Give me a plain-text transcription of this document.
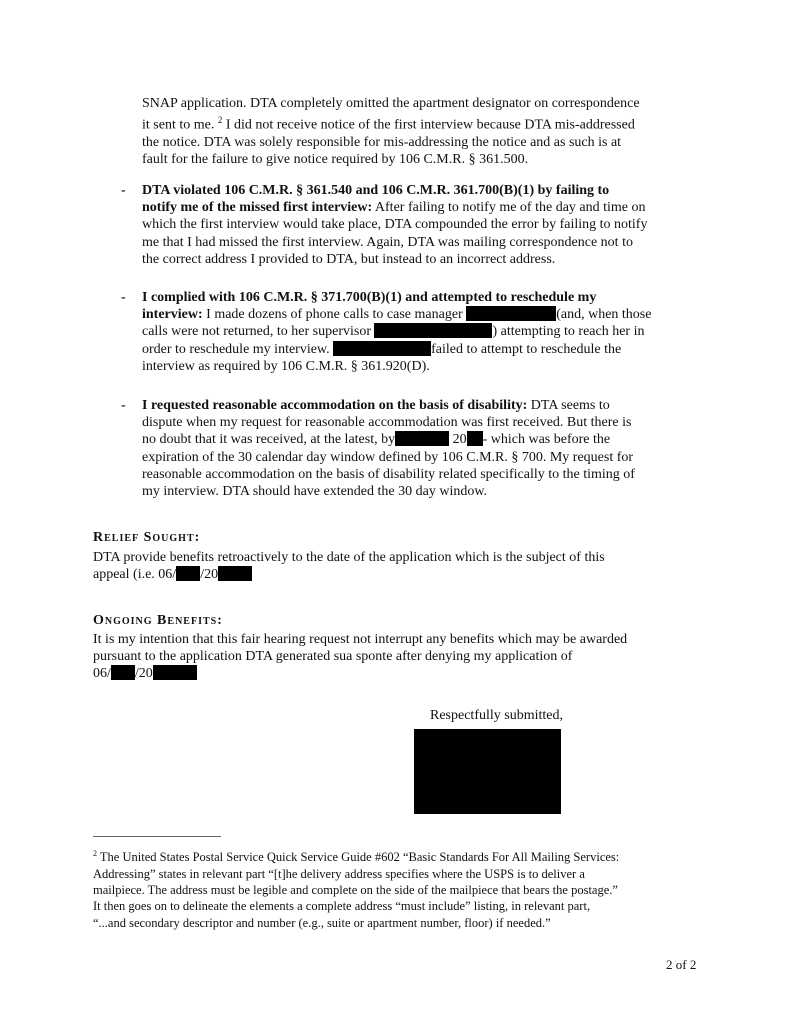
SNAP application. DTA completely omitted the apartment designator on correspondence
it sent to me. $^2$ I did not receive notice of the first interview because DTA mis-addressed
the notice. DTA was solely responsible for mis-addressing the notice and as such is at
fault for the failure to give notice required by 106 C.M.R. § 361.500.
- DTA violated 106 C.M.R. § 361.540 and 106 C.M.R. 361.700(B)(1) by failing to
notify me of the missed first interview: After failing to notify me of the day and time on
which the first interview would take place, DTA compounded the error by failing to notify
me that I had missed the first interview. Again, DTA was mailing correspondence not to
the correct address I provided to DTA, but instead to an incorrect address.
- I complied with 106 C.M.R. § 371.700(B)(1) and attempted to reschedule my
interview: I made dozens of phone calls to case manager	(and, when those
calls were not returned, to her supervisor	) attempting to reach her in
order to reschedule my interview.	failed to attempt to reschedule the
interview as required by 106 C.M.R. § 361.920(D).
- I requested reasonable accommodation on the basis of disability: DTA seems to
dispute when my request for reasonable accommodation was first received. But there is
no doubt that it was received, at the latest, by	20 - which was before the
expiration of the 30 calendar day window defined by 106 C.M.R. § 700. My request for
reasonable accommodation on the basis of disability related specifically to the timing of
my interview. DTA should have extended the 30 day window.
Relief Sought:
DTA provide benefits retroactively to the date of the application which is the subject of this
appeal (i.e. 06/ /20
Ongoing Benefits:
It is my intention that this fair hearing request not interrupt any benefits which may be awarded
pursuant to the application DTA generated sua sponte after denying my application of
06/ /20
Respectfully submitted,
$^2$ The United States Postal Service Quick Service Guide #602 “Basic Standards For All Mailing Services:
Addressing” states in relevant part “[t]he delivery address specifies where the USPS is to deliver a
mailpiece. The address must be legible and complete on the side of the mailpiece that bears the postage.”
It then goes on to delineate the elements a complete address “must include” listing, in relevant part,
“...and secondary descriptor and number (e.g., suite or apartment number, floor) if needed.”
2 of 2
